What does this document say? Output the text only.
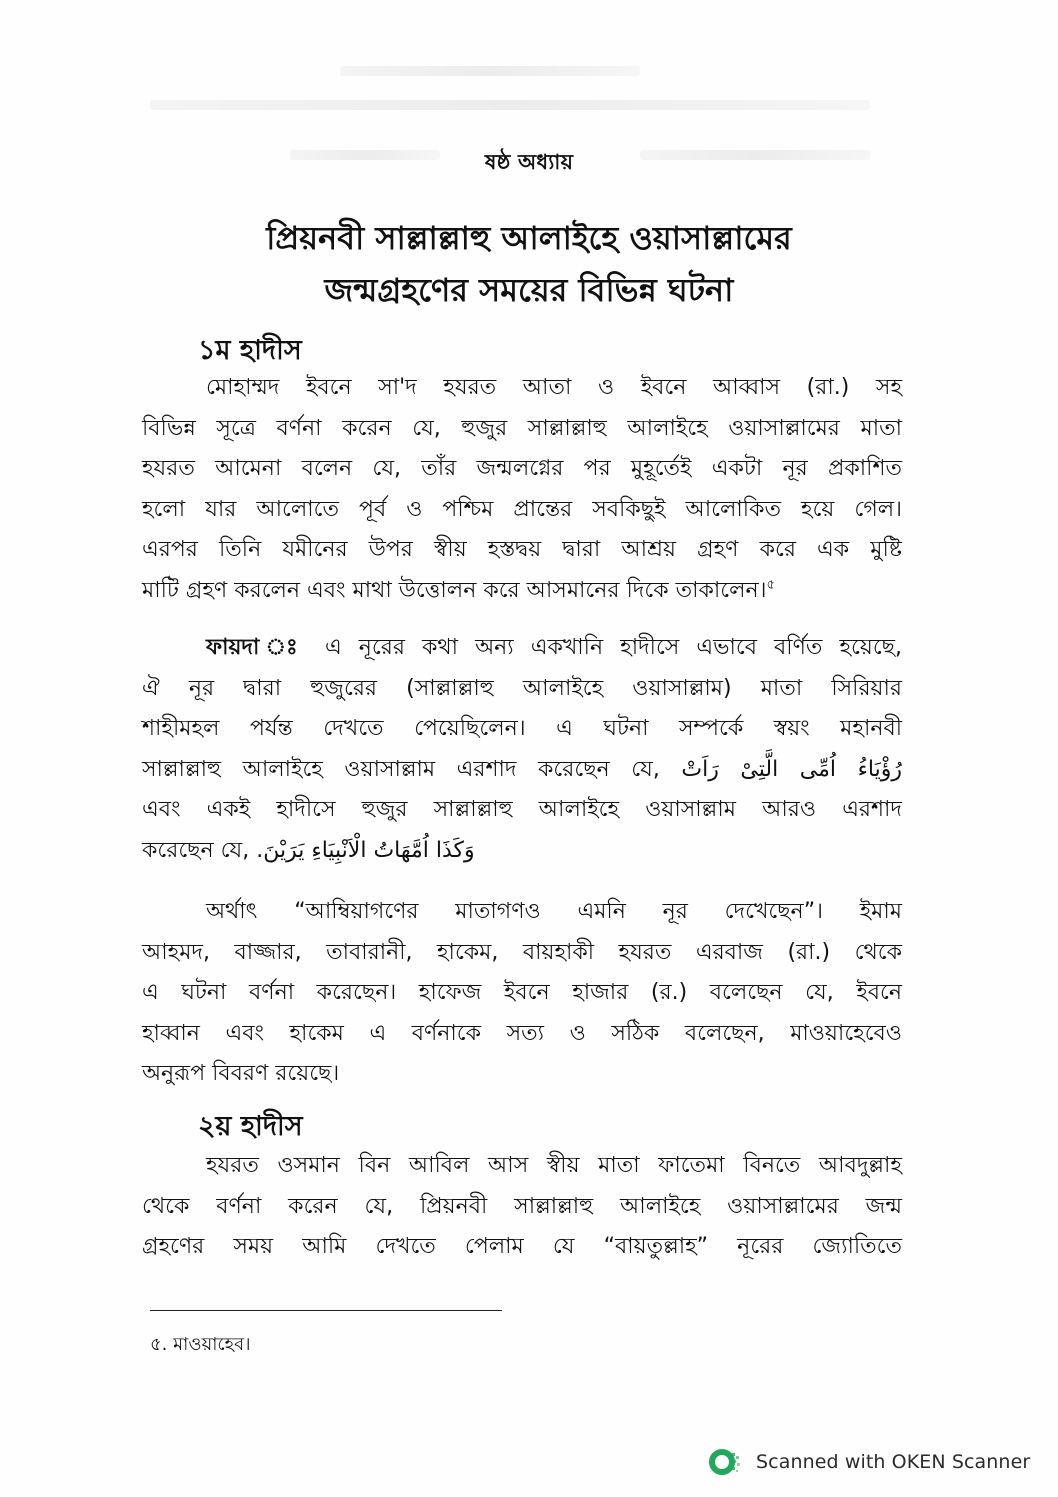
ষষ্ঠ অধ্যায়
প্রিয়নবী সাল্লাল্লাহু আলাইহে ওয়াসাল্লামের
জন্মগ্রহণের সময়ের বিভিন্ন ঘটনা
১ম হাদীস
মোহাম্মদ ইবনে সা'দ হযরত আতা ও ইবনে আব্বাস (রা.) সহ
বিভিন্ন সূত্রে বর্ণনা করেন যে, হুজুর সাল্লাল্লাহু আলাইহে ওয়াসাল্লামের মাতা
হযরত আমেনা বলেন যে, তাঁর জন্মলগ্নের পর মুহূর্তেই একটা নূর প্রকাশিত
হলো যার আলোতে পূর্ব ও পশ্চিম প্রান্তের সবকিছুই আলোকিত হয়ে গেল।
এরপর তিনি যমীনের উপর স্বীয় হস্তদ্বয় দ্বারা আশ্রয় গ্রহণ করে এক মুষ্টি
মাটি গ্রহণ করলেন এবং মাথা উত্তোলন করে আসমানের দিকে তাকালেন।$^৫$
ফায়দা ঃ এ নূরের কথা অন্য একখানি হাদীসে এভাবে বর্ণিত হয়েছে,
ঐ নূর দ্বারা হুজুরের (সাল্লাল্লাহু আলাইহে ওয়াসাল্লাম) মাতা সিরিয়ার
শাহীমহল পর্যন্ত দেখতে পেয়েছিলেন। এ ঘটনা সম্পর্কে স্বয়ং মহানবী
সাল্লাল্লাহু আলাইহে ওয়াসাল্লাম এরশাদ করেছেন যে, رُؤْيَاءُ اُمِّى الَّتِىْ رَاَتْ
এবং একই হাদীসে হুজুর সাল্লাল্লাহু আলাইহে ওয়াসাল্লাম আরও এরশাদ
করেছেন যে, وَكَذَا اُمَّهَاتُ الْاَنْبِيَاءِ يَرَيْنَ.
অর্থাৎ “আম্বিয়াগণের মাতাগণও এমনি নূর দেখেছেন”। ইমাম
আহমদ, বাজ্জার, তাবারানী, হাকেম, বায়হাকী হযরত এরবাজ (রা.) থেকে
এ ঘটনা বর্ণনা করেছেন। হাফেজ ইবনে হাজার (র.) বলেছেন যে, ইবনে
হাব্বান এবং হাকেম এ বর্ণনাকে সত্য ও সঠিক বলেছেন, মাওয়াহেবেও
অনুরূপ বিবরণ রয়েছে।
২য় হাদীস
হযরত ওসমান বিন আবিল আস স্বীয় মাতা ফাতেমা বিনতে আবদুল্লাহ
থেকে বর্ণনা করেন যে, প্রিয়নবী সাল্লাল্লাহু আলাইহে ওয়াসাল্লামের জন্ম
গ্রহণের সময় আমি দেখতে পেলাম যে “বায়তুল্লাহ” নূরের জ্যোতিতে
৫. মাওয়াহেব।
Scanned with OKEN Scanner
